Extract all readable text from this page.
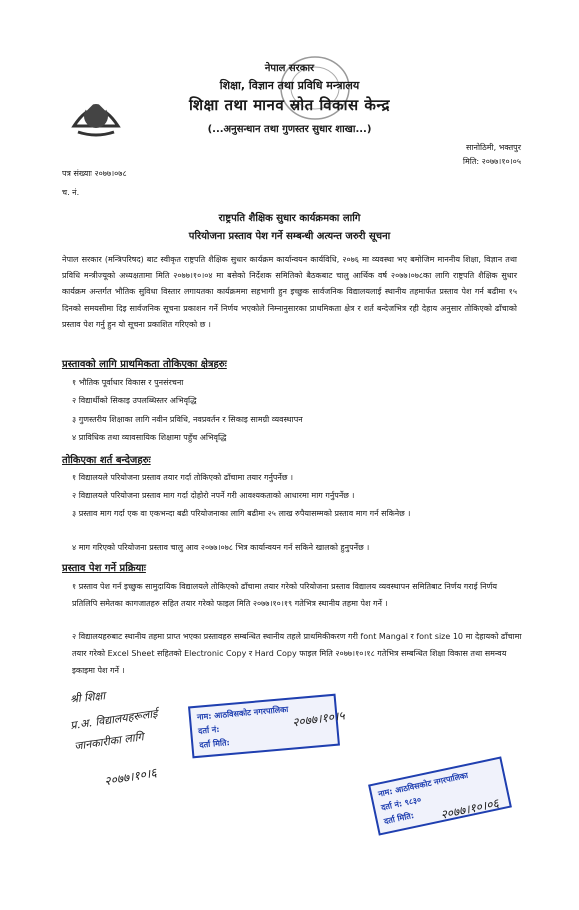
नेपाल सरकार
शिक्षा, विज्ञान तथा प्रविधि मन्त्रालय
शिक्षा तथा मानव स्रोत विकास केन्द्र
(...अनुसन्धान तथा गुणस्तर सुधार शाखा...)
सानोठिमी, भक्तपुर
मिति: २०७७।१०।०५
पत्र संख्याः २०७७।०७८
च. नं.
राष्ट्रपति शैक्षिक सुधार कार्यक्रमका लागि
परियोजना प्रस्ताव पेश गर्ने सम्बन्धी अत्यन्त जरुरी सूचना
नेपाल सरकार (मन्त्रिपरिषद) बाट स्वीकृत राष्ट्रपति शैक्षिक सुधार कार्यक्रम कार्यान्वयन कार्यविधि, २०७६ मा व्यवस्था भए बमोजिम माननीय शिक्षा, विज्ञान तथा प्रविधि मन्त्रीज्यूको अध्यक्षतामा मिति २०७७।१०।०४ मा बसेको निर्देशक समितिको बैठकबाट चालु आर्थिक वर्ष २०७७।०७८का लागि राष्ट्रपति शैक्षिक सुधार कार्यक्रम अन्तर्गत भौतिक सुविधा विस्तार लगायतका कार्यक्रममा सहभागी हुन इच्छुक सार्वजनिक विद्यालयलाई स्थानीय तहमार्फत प्रस्ताव पेश गर्न बढीमा १५ दिनको समयसीमा दिइ सार्वजनिक सूचना प्रकाशन गर्ने निर्णय भएकोले निम्नानुसारका प्राथमिकता क्षेत्र र शर्त बन्देजभित्र रही देहाय अनुसार तोकिएको ढाँचाको प्रस्ताव पेश गर्नु हुन यो सूचना प्रकाशित गरिएको छ ।
प्रस्तावको लागि प्राथमिकता तोकिएका क्षेत्रहरुः
१ भौतिक पूर्वाधार विकास र पुनसंरचना
२ विद्यार्थीको सिकाइ उपलब्धिस्तर अभिवृद्धि
३ गुणस्तरीय शिक्षाका लागि नवीन प्रविधि, नवप्रवर्तन र सिकाइ सामग्री व्यवस्थापन
४ प्राविधिक तथा व्यावसायिक शिक्षामा पहुँच अभिवृद्धि
तोकिएका शर्त बन्देजहरुः
१ विद्यालयले परियोजना प्रस्ताव तयार गर्दा तोकिएको ढाँचामा तयार गर्नुपर्नेछ ।
२ विद्यालयले परियोजना प्रस्ताव माग गर्दा दोहोरो नपर्ने गरी आवश्यकताको आधारमा माग गर्नुपर्नेछ ।
३ प्रस्ताव माग गर्दा एक वा एकभन्दा बढी परियोजनाका लागि बढीमा २५ लाख रुपैयासम्मको प्रस्ताव माग गर्न सकिनेछ ।
४ माग गरिएको परियोजना प्रस्ताव चालु आव २०७७।०७८ भित्र कार्यान्वयन गर्न सकिने खालको हुनुपर्नेछ ।
प्रस्ताव पेश गर्ने प्रक्रियाः
१ प्रस्ताव पेश गर्न इच्छुक सामुदायिक विद्यालयले तोकिएको ढाँचामा तयार गरेको परियोजना प्रस्ताव विद्यालय व्यवस्थापन समितिबाट निर्णय गराई निर्णय प्रतिलिपि समेतका कागजातहरु सहित तयार गरेको फाइल मिति २०७७।१०।१९ गतेभित्र स्थानीय तहमा पेश गर्ने ।
२ विद्यालयहरुबाट स्थानीय तहमा प्राप्त भएका प्रस्तावहरु सम्बन्धित स्थानीय तहले प्राथमिकीकरण गरी font Mangal र font size 10 मा देहायको ढाँचामा तयार गरेको Excel Sheet सहितको Electronic Copy र Hard Copy फाइल मिति २०७७।१०।१८ गतेभित्र सम्बन्धित शिक्षा विकास तथा समन्वय इकाइमा पेश गर्ने ।
श्री शिक्षा
प्र.अ. विद्यालयहरूलाई
जानकारीका लागि
२०७७।१०।६
नाम: आठविसकोट नगरपालिका
दर्ता नं:
दर्ता मिति:
२०७७।१०।५
नाम: आठविसकोट नगरपालिका
दर्ता नं: ९८३०
दर्ता मिति:	२०७७।१०।०६
